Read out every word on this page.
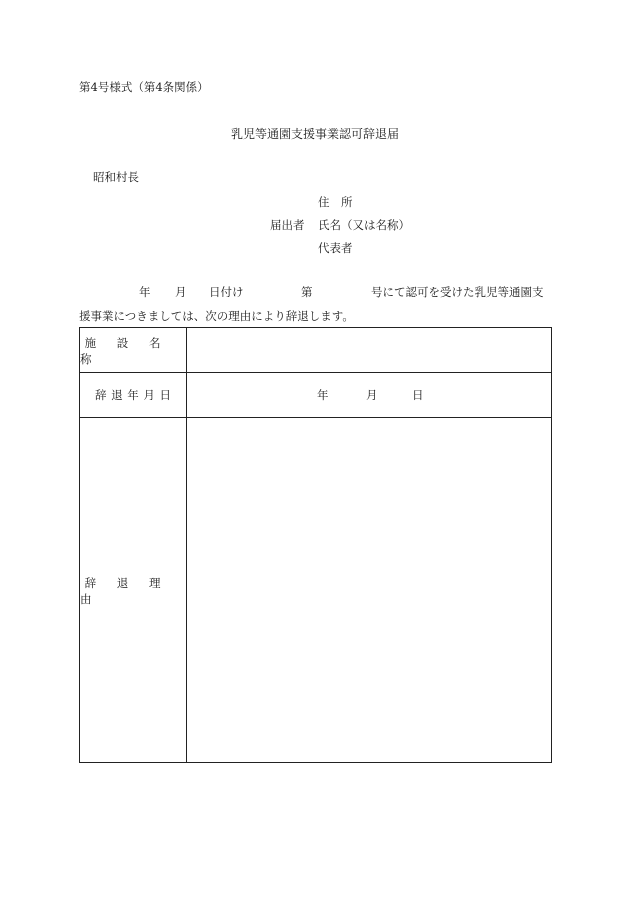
第4号様式（第4条関係）
乳児等通園支援事業認可辞退届
昭和村長
住　所
届出者 氏名（又は名称）
代表者
年 月 日付け	第	号にて認可を受けた乳児等通園支
援事業につきましては、次の理由により辞退します。
施　設　名　称
辞退年月日	年	月	日
辞　退　理　由
